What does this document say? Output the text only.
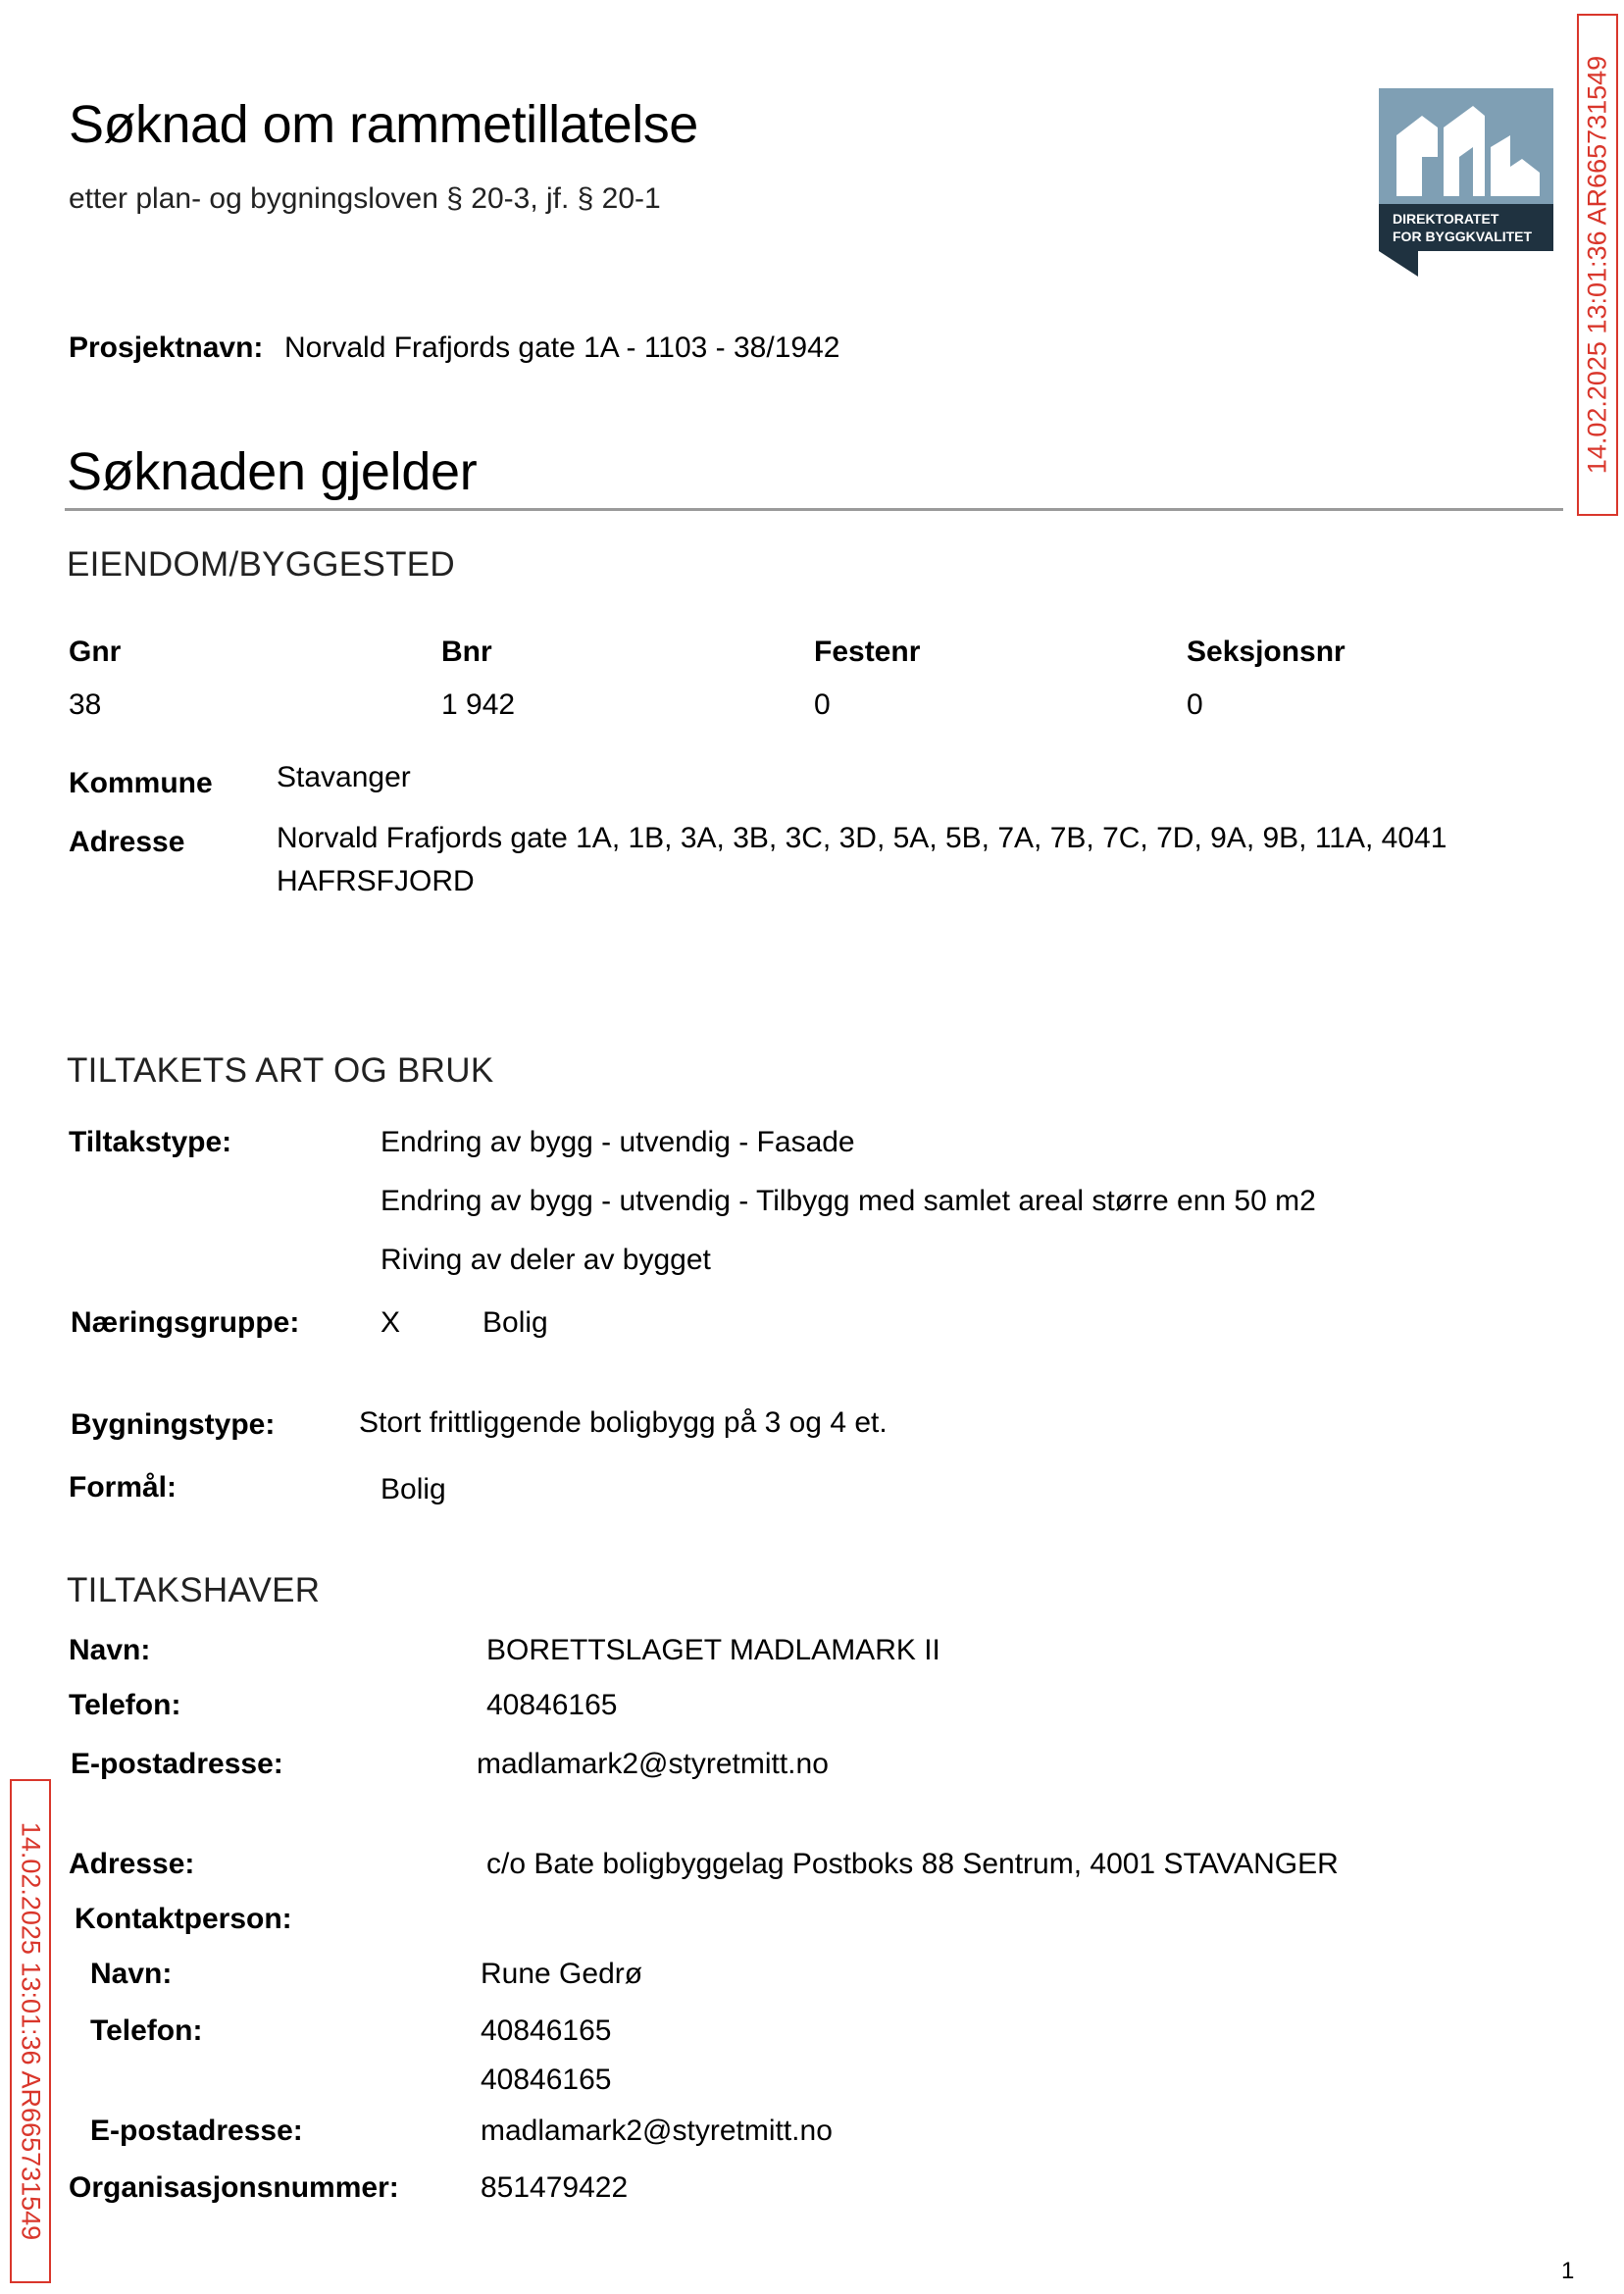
14.02.2025 13:01:36 AR665731549
14.02.2025 13:01:36 AR665731549
Søknad om rammetillatelse
etter plan- og bygningsloven § 20-3, jf. § 20-1
DIREKTORATET
FOR BYGGKVALITET
Prosjektnavn: Norvald Frafjords gate 1A - 1103 - 38/1942
Søknaden gjelder
EIENDOM/BYGGESTED
Gnr	Bnr	Festenr	Seksjonsnr
38	1 942	0	0
Kommune Stavanger
Adresse	Norvald Frafjords gate 1A, 1B, 3A, 3B, 3C, 3D, 5A, 5B, 7A, 7B, 7C, 7D, 9A, 9B, 11A, 4041
HAFRSFJORD
TILTAKETS ART OG BRUK
Tiltakstype:	Endring av bygg - utvendig - Fasade
Endring av bygg - utvendig - Tilbygg med samlet areal større enn 50 m2
Riving av deler av bygget
Næringsgruppe:	X	Bolig
Bygningstype:	Stort frittliggende boligbygg på 3 og 4 et.
Formål:	Bolig
TILTAKSHAVER
Navn:	BORETTSLAGET MADLAMARK II
Telefon:	40846165
E-postadresse:	madlamark2@styretmitt.no
Adresse:	c/o Bate boligbyggelag Postboks 88 Sentrum, 4001 STAVANGER
Kontaktperson:
Navn:	Rune Gedrø
Telefon:	40846165
40846165
E-postadresse:	madlamark2@styretmitt.no
Organisasjonsnummer:	851479422
1
